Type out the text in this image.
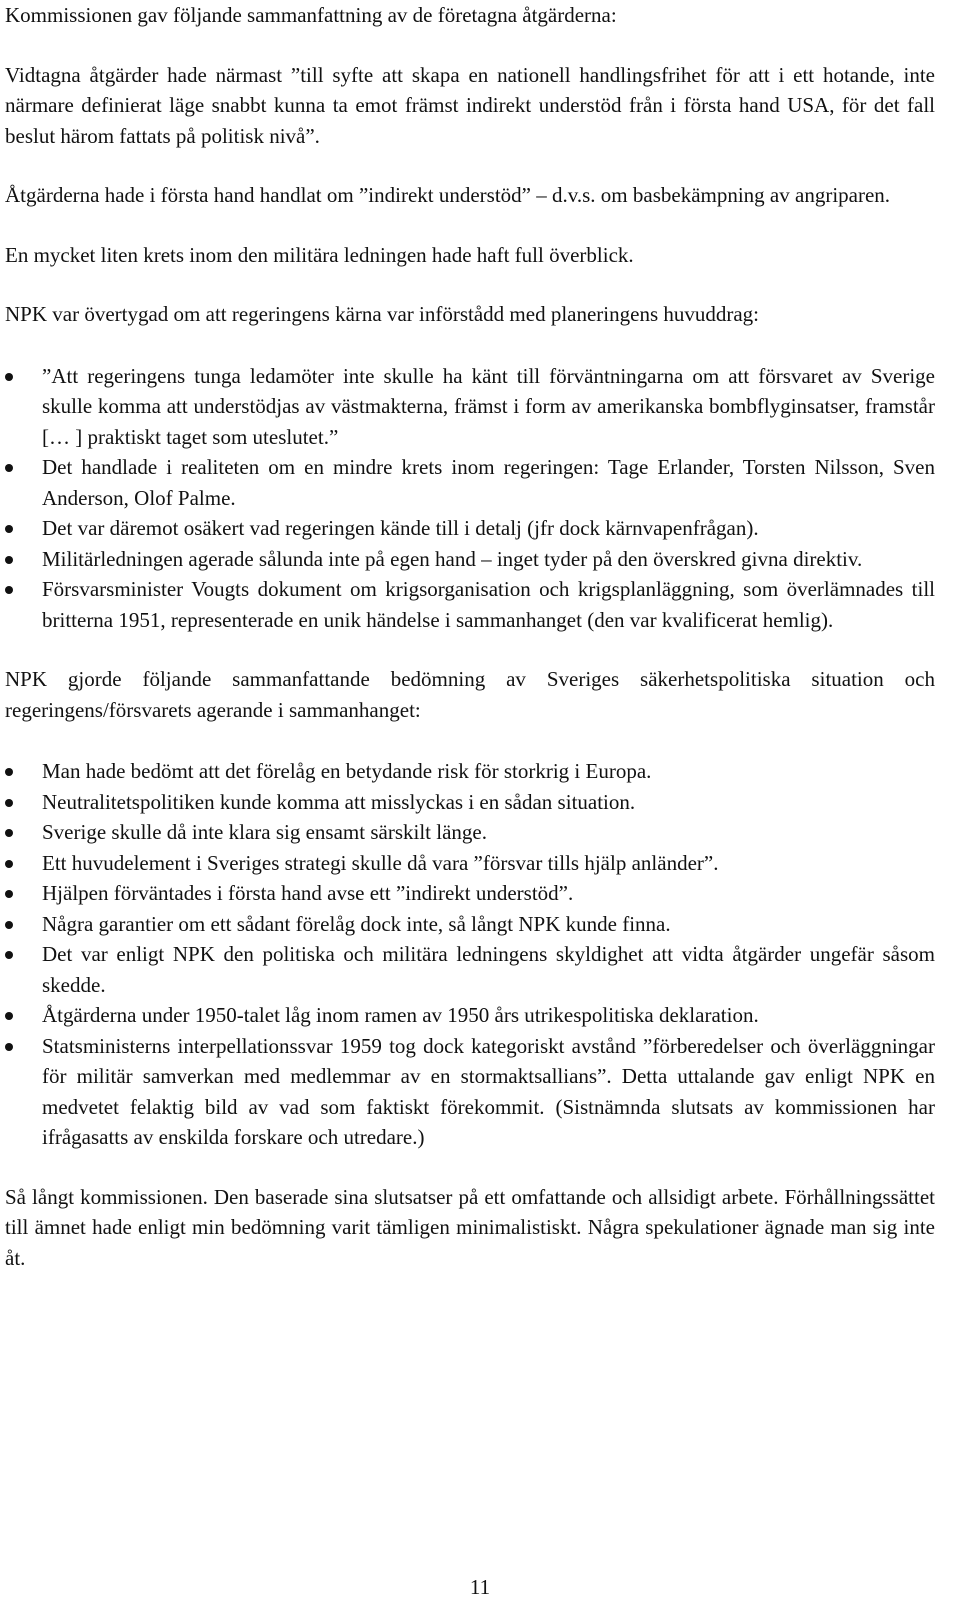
Kommissionen gav följande sammanfattning av de företagna åtgärderna:

Vidtagna åtgärder hade närmast ”till syfte att skapa en nationell handlingsfrihet för att i ett hotande, inte närmare definierat läge snabbt kunna ta emot främst indirekt understöd från i första hand USA, för det fall beslut härom fattats på politisk nivå”.

Åtgärderna hade i första hand handlat om ”indirekt understöd” – d.v.s. om basbekämpning av angriparen.

En mycket liten krets inom den militära ledningen hade haft full överblick.

NPK var övertygad om att regeringens kärna var införstådd med planeringens huvuddrag:

”Att regeringens tunga ledamöter inte skulle ha känt till förväntningarna om att försvaret av Sverige skulle komma att understödjas av västmakterna, främst i form av amerikanska bombflyginsatser, framstår [… ] praktiskt taget som uteslutet.”
Det handlade i realiteten om en mindre krets inom regeringen: Tage Erlander, Torsten Nilsson, Sven Anderson, Olof Palme.
Det var däremot osäkert vad regeringen kände till i detalj (jfr dock kärnvapenfrågan).
Militärledningen agerade sålunda inte på egen hand – inget tyder på den överskred givna direktiv.
Försvarsminister Vougts dokument om krigsorganisation och krigsplanläggning, som överlämnades till britterna 1951, representerade en unik händelse i sammanhanget (den var kvalificerat hemlig).

NPK gjorde följande sammanfattande bedömning av Sveriges säkerhetspolitiska situation och regeringens/försvarets agerande i sammanhanget:

Man hade bedömt att det förelåg en betydande risk för storkrig i Europa.
Neutralitetspolitiken kunde komma att misslyckas i en sådan situation.
Sverige skulle då inte klara sig ensamt särskilt länge.
Ett huvudelement i Sveriges strategi skulle då vara ”försvar tills hjälp anländer”.
Hjälpen förväntades i första hand avse ett ”indirekt understöd”.
Några garantier om ett sådant förelåg dock inte, så långt NPK kunde finna.
Det var enligt NPK den politiska och militära ledningens skyldighet att vidta åtgärder ungefär såsom skedde.
Åtgärderna under 1950-talet låg inom ramen av 1950 års utrikespolitiska deklaration.
Statsministerns interpellationssvar 1959 tog dock kategoriskt avstånd ”förberedelser och överläggningar för militär samverkan med medlemmar av en stormaktsallians”. Detta uttalande gav enligt NPK en medvetet felaktig bild av vad som faktiskt förekommit. (Sistnämnda slutsats av kommissionen har ifrågasatts av enskilda forskare och utredare.)

Så långt kommissionen. Den baserade sina slutsatser på ett omfattande och allsidigt arbete. Förhållningssättet till ämnet hade enligt min bedömning varit tämligen minimalistiskt. Några spekulationer ägnade man sig inte åt.

11
